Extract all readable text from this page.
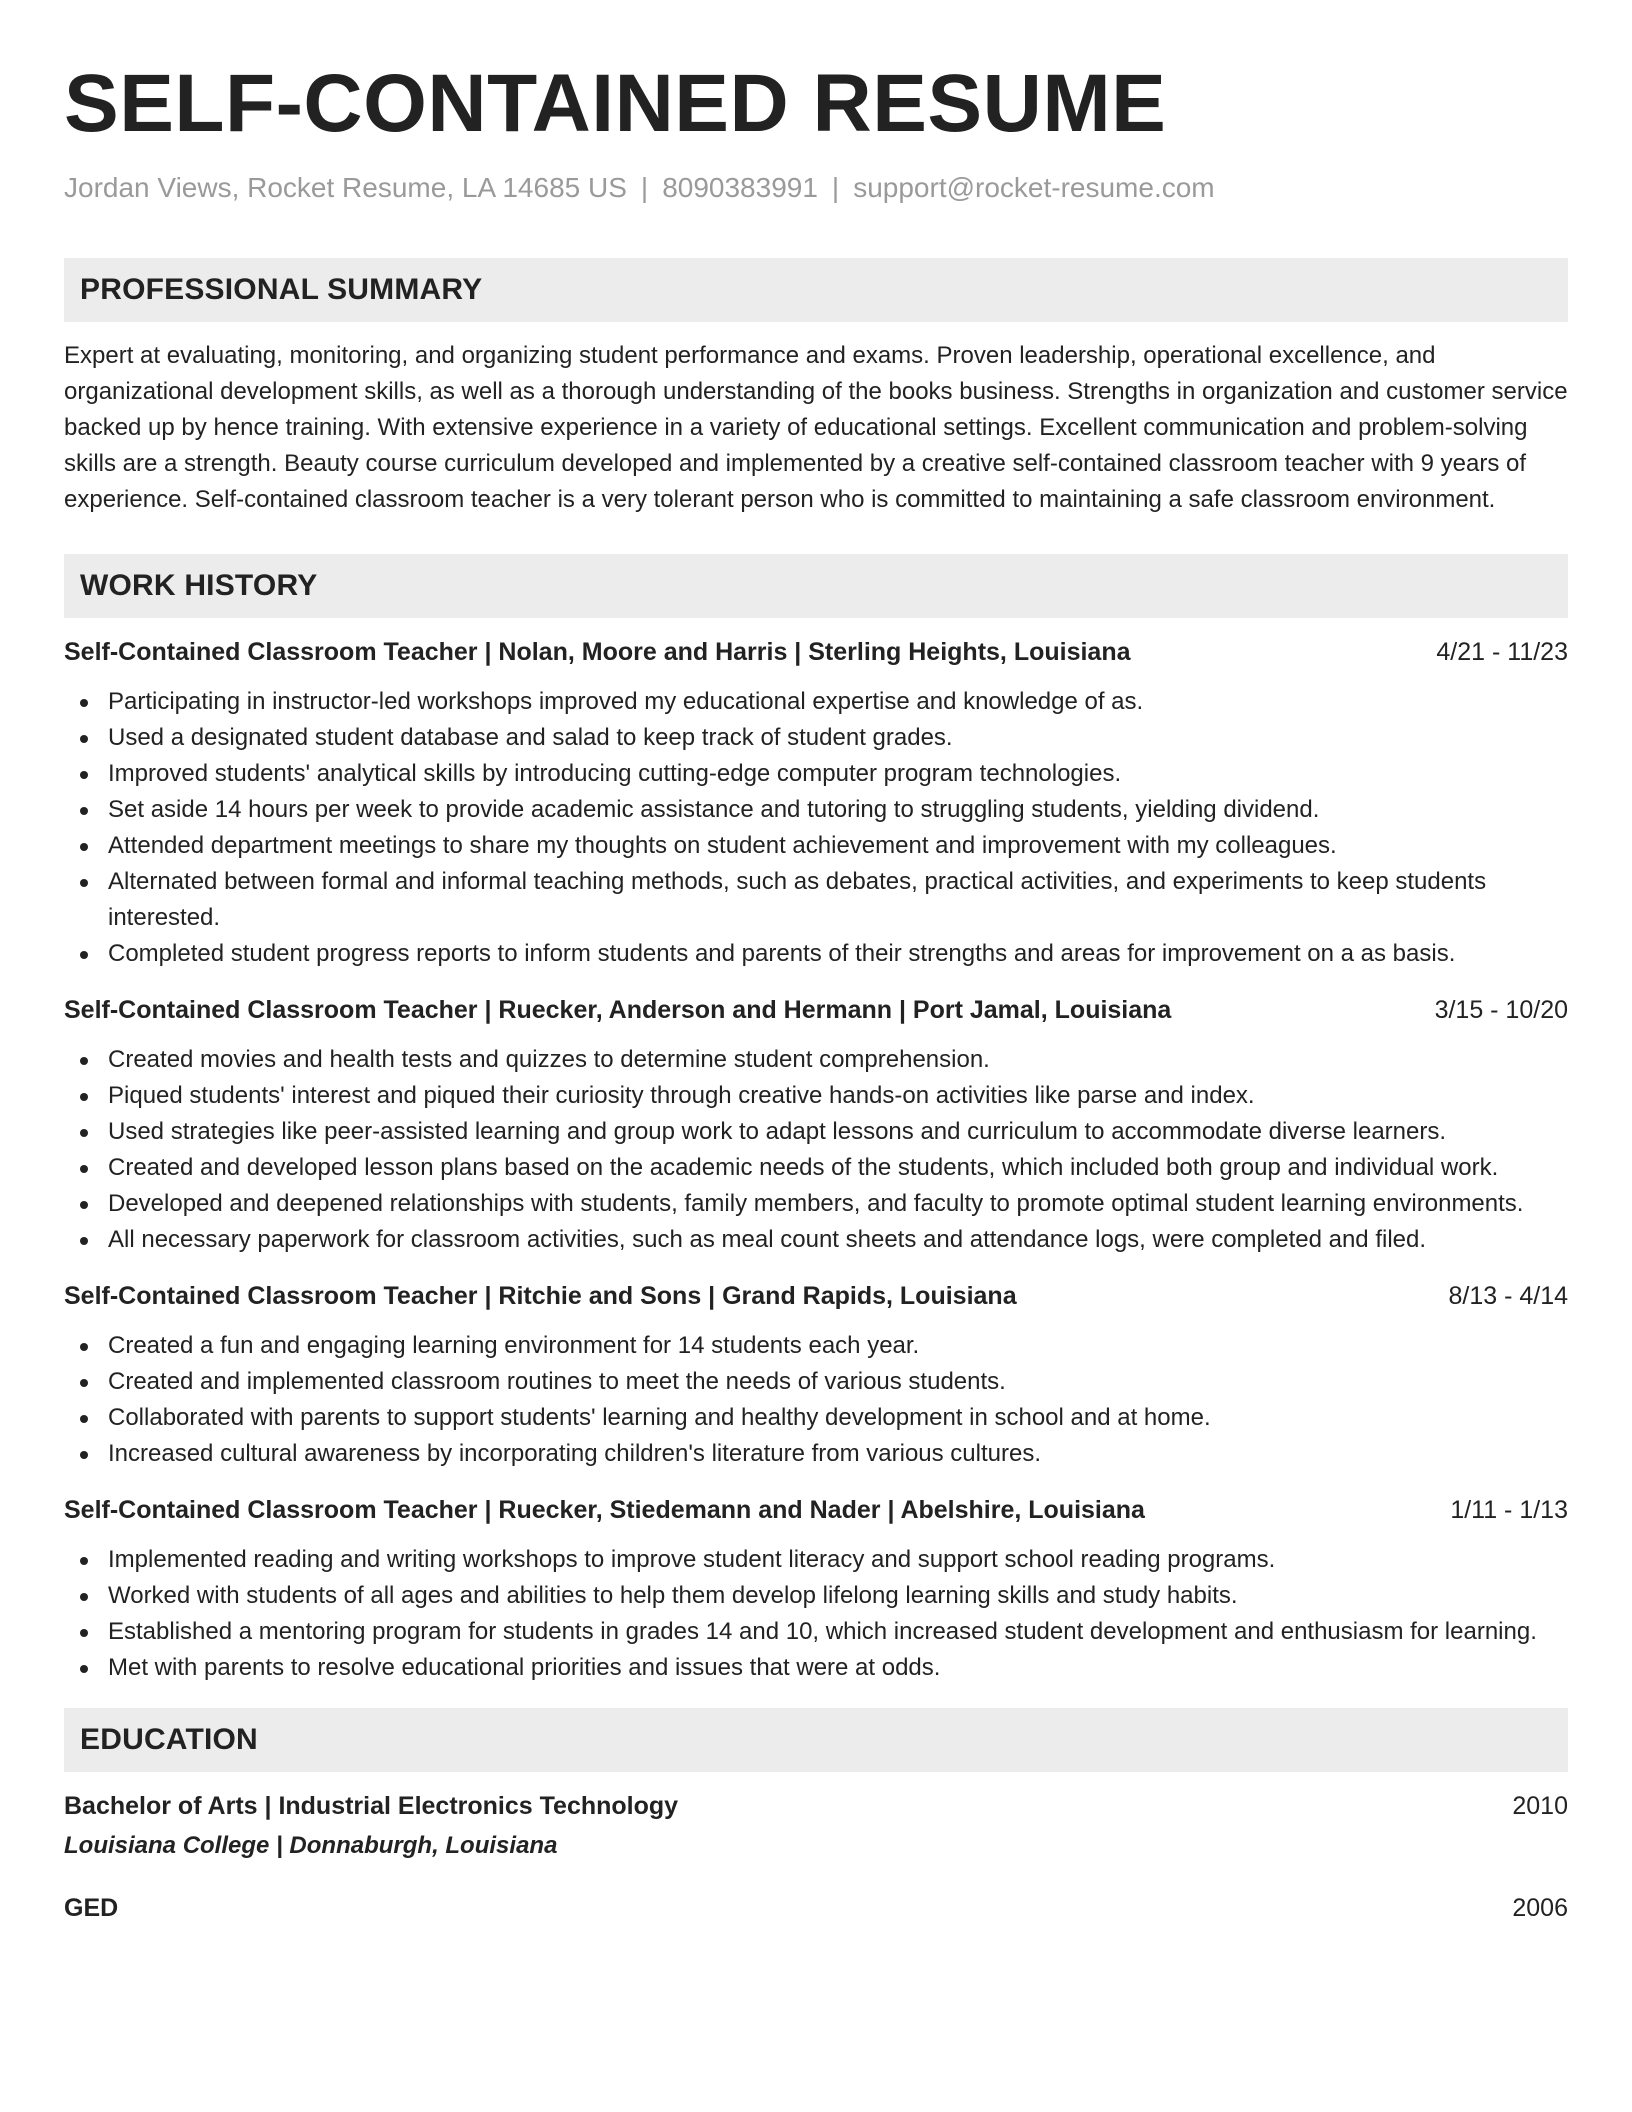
SELF-CONTAINED RESUME
Jordan Views, Rocket Resume, LA 14685 US | 8090383991 | support@rocket-resume.com
PROFESSIONAL SUMMARY

Expert at evaluating, monitoring, and organizing student performance and exams. Proven leadership, operational excellence, and organizational development skills, as well as a thorough understanding of the books business. Strengths in organization and customer service backed up by hence training. With extensive experience in a variety of educational settings. Excellent communication and problem-solving skills are a strength. Beauty course curriculum developed and implemented by a creative self-contained classroom teacher with 9 years of experience. Self-contained classroom teacher is a very tolerant person who is committed to maintaining a safe classroom environment.

WORK HISTORY
Self-Contained Classroom Teacher | Nolan, Moore and Harris | Sterling Heights, Louisiana	4/21 - 11/23
Participating in instructor-led workshops improved my educational expertise and knowledge of as.
Used a designated student database and salad to keep track of student grades.
Improved students' analytical skills by introducing cutting-edge computer program technologies.
Set aside 14 hours per week to provide academic assistance and tutoring to struggling students, yielding dividend.
Attended department meetings to share my thoughts on student achievement and improvement with my colleagues.
Alternated between formal and informal teaching methods, such as debates, practical activities, and experiments to keep students interested.
Completed student progress reports to inform students and parents of their strengths and areas for improvement on a as basis.
Self-Contained Classroom Teacher | Ruecker, Anderson and Hermann | Port Jamal, Louisiana	3/15 - 10/20
Created movies and health tests and quizzes to determine student comprehension.
Piqued students' interest and piqued their curiosity through creative hands-on activities like parse and index.
Used strategies like peer-assisted learning and group work to adapt lessons and curriculum to accommodate diverse learners.
Created and developed lesson plans based on the academic needs of the students, which included both group and individual work.
Developed and deepened relationships with students, family members, and faculty to promote optimal student learning environments.
All necessary paperwork for classroom activities, such as meal count sheets and attendance logs, were completed and filed.
Self-Contained Classroom Teacher | Ritchie and Sons | Grand Rapids, Louisiana	8/13 - 4/14
Created a fun and engaging learning environment for 14 students each year.
Created and implemented classroom routines to meet the needs of various students.
Collaborated with parents to support students' learning and healthy development in school and at home.
Increased cultural awareness by incorporating children's literature from various cultures.
Self-Contained Classroom Teacher | Ruecker, Stiedemann and Nader | Abelshire, Louisiana	1/11 - 1/13
Implemented reading and writing workshops to improve student literacy and support school reading programs.
Worked with students of all ages and abilities to help them develop lifelong learning skills and study habits.
Established a mentoring program for students in grades 14 and 10, which increased student development and enthusiasm for learning.
Met with parents to resolve educational priorities and issues that were at odds.
EDUCATION
Bachelor of Arts | Industrial Electronics Technology	2010
Louisiana College | Donnaburgh, Louisiana
GED	2006
